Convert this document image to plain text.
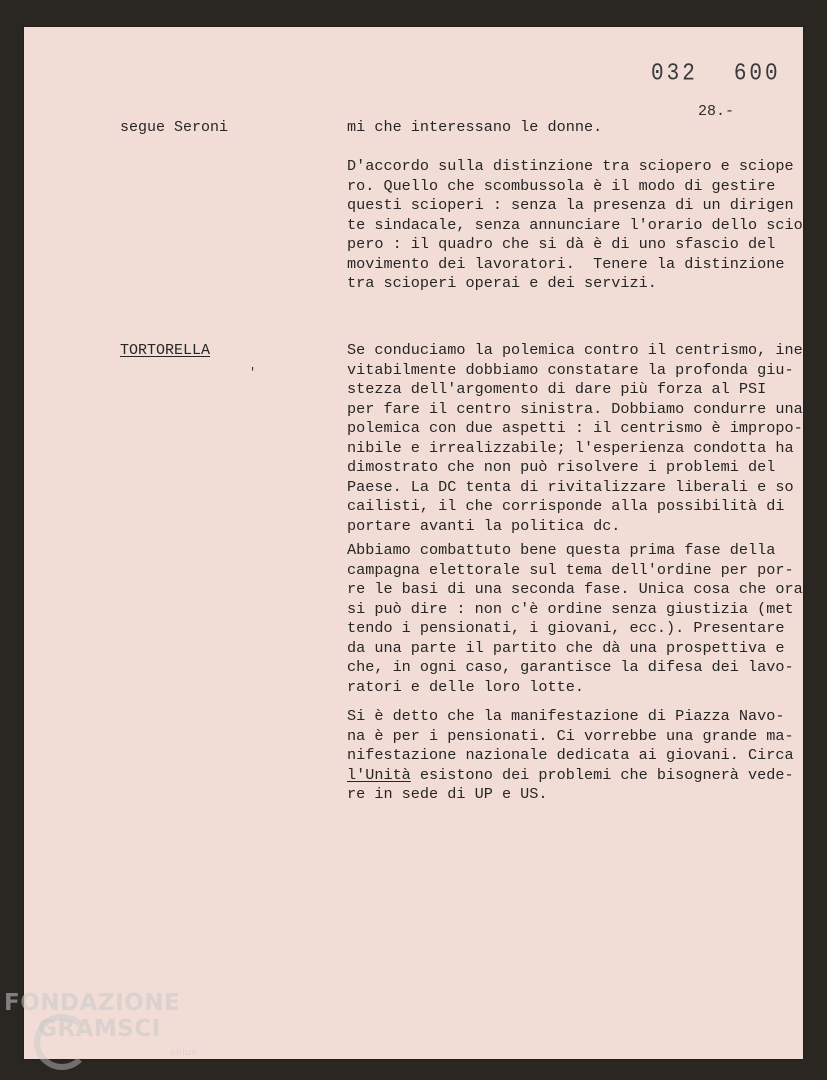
032 600
28.-
segue Seroni	mi che interessano le donne.

D'accordo sulla distinzione tra sciopero e sciope
ro. Quello che scombussola è il modo di gestire
questi scioperi : senza la presenza di un dirigen
te sindacale, senza annunciare l'orario dello scio
pero : il quadro che si dà è di uno sfascio del
movimento dei lavoratori.  Tenere la distinzione
tra scioperi operai e dei servizi.

TORTORELLA
'

Se conduciamo la polemica contro il centrismo, ine
vitabilmente dobbiamo constatare la profonda giu-
stezza dell'argomento di dare più forza al PSI
per fare il centro sinistra. Dobbiamo condurre una
polemica con due aspetti : il centrismo è impropo-
nibile e irrealizzabile; l'esperienza condotta ha
dimostrato che non può risolvere i problemi del
Paese. La DC tenta di rivitalizzare liberali e so
cailisti, il che corrisponde alla possibilità di
portare avanti la politica dc.

Abbiamo combattuto bene questa prima fase della
campagna elettorale sul tema dell'ordine per por-
re le basi di una seconda fase. Unica cosa che ora
si può dire : non c'è ordine senza giustizia (met
tendo i pensionati, i giovani, ecc.). Presentare
da una parte il partito che dà una prospettiva e
che, in ogni caso, garantisce la difesa dei lavo-
ratori e delle loro lotte.

Si è detto che la manifestazione di Piazza Navo-
na è per i pensionati. Ci vorrebbe una grande ma-
nifestazione nazionale dedicata ai giovani. Circa
l'Unità esistono dei problemi che bisognerà vede-
re in sede di UP e US.

FONDAZIONE
GRAMSCI
onlus
